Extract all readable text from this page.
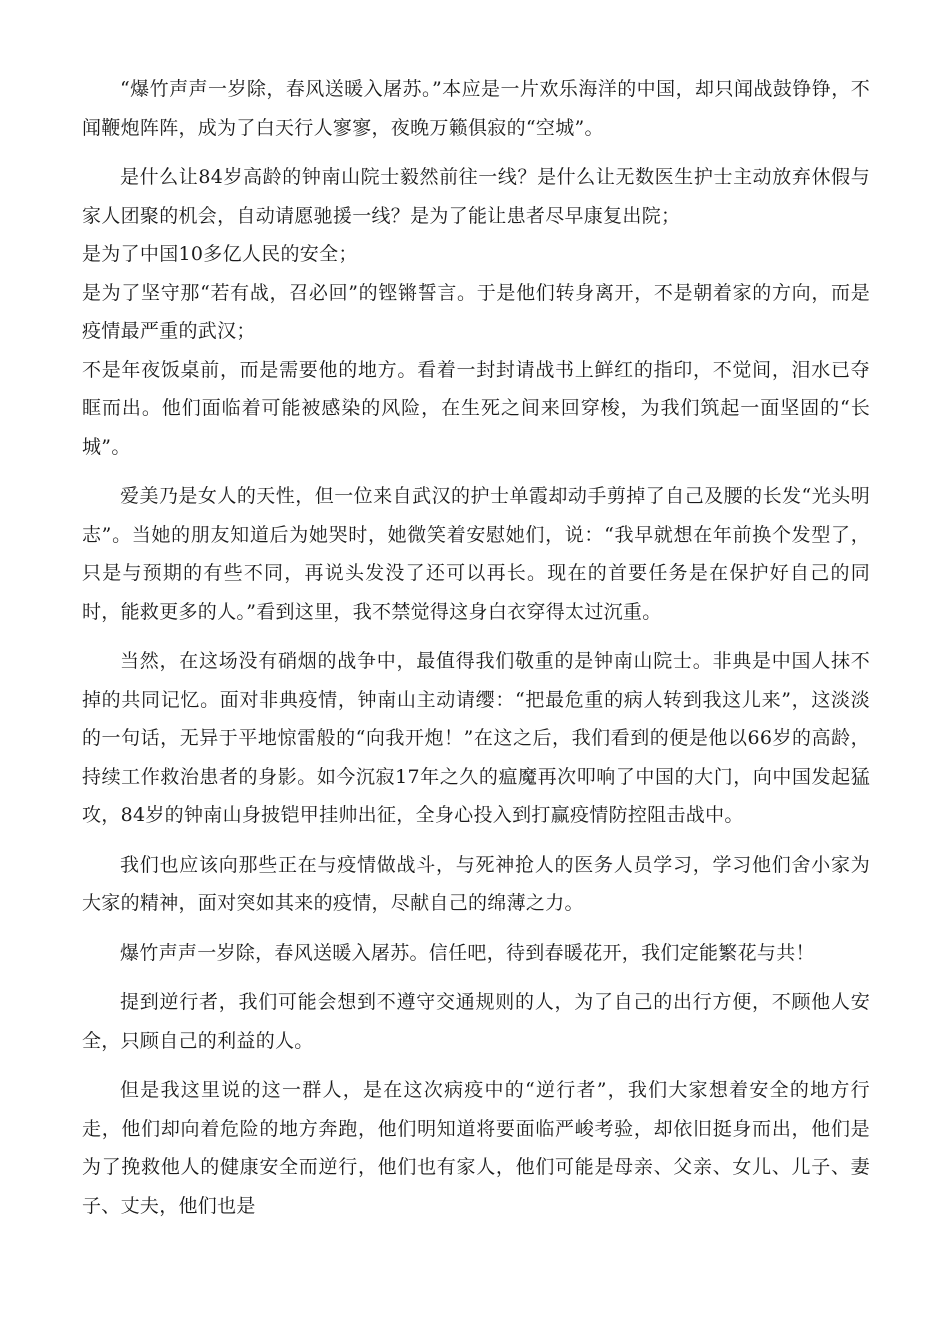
“爆竹声声一岁除，春风送暖入屠苏。”本应是一片欢乐海洋的中国，却只闻战鼓铮铮，不闻鞭炮阵阵，成为了白天行人寥寥，夜晚万籁俱寂的“空城”。

是什么让84岁高龄的钟南山院士毅然前往一线？是什么让无数医生护士主动放弃休假与家人团聚的机会，自动请愿驰援一线？是为了能让患者尽早康复出院；

是为了中国10多亿人民的安全；

是为了坚守那“若有战，召必回”的铿锵誓言。于是他们转身离开，不是朝着家的方向，而是疫情最严重的武汉；

不是年夜饭桌前，而是需要他的地方。看着一封封请战书上鲜红的指印，不觉间，泪水已夺眶而出。他们面临着可能被感染的风险，在生死之间来回穿梭，为我们筑起一面坚固的“长城”。

爱美乃是女人的天性，但一位来自武汉的护士单霞却动手剪掉了自己及腰的长发“光头明志”。当她的朋友知道后为她哭时，她微笑着安慰她们，说：“我早就想在年前换个发型了，只是与预期的有些不同，再说头发没了还可以再长。现在的首要任务是在保护好自己的同时，能救更多的人。”看到这里，我不禁觉得这身白衣穿得太过沉重。

当然，在这场没有硝烟的战争中，最值得我们敬重的是钟南山院士。非典是中国人抹不掉的共同记忆。面对非典疫情，钟南山主动请缨：“把最危重的病人转到我这儿来”，这淡淡的一句话，无异于平地惊雷般的“向我开炮！”在这之后，我们看到的便是他以66岁的高龄，持续工作救治患者的身影。如今沉寂17年之久的瘟魔再次叩响了中国的大门，向中国发起猛攻，84岁的钟南山身披铠甲挂帅出征，全身心投入到打赢疫情防控阻击战中。

我们也应该向那些正在与疫情做战斗，与死神抢人的医务人员学习，学习他们舍小家为大家的精神，面对突如其来的疫情，尽献自己的绵薄之力。

爆竹声声一岁除，春风送暖入屠苏。信任吧，待到春暖花开，我们定能繁花与共！

提到逆行者，我们可能会想到不遵守交通规则的人，为了自己的出行方便，不顾他人安全，只顾自己的利益的人。

但是我这里说的这一群人，是在这次病疫中的“逆行者”，我们大家想着安全的地方行走，他们却向着危险的地方奔跑，他们明知道将要面临严峻考验，却依旧挺身而出，他们是为了挽救他人的健康安全而逆行，他们也有家人，他们可能是母亲、父亲、女儿、儿子、妻子、丈夫，他们也是
